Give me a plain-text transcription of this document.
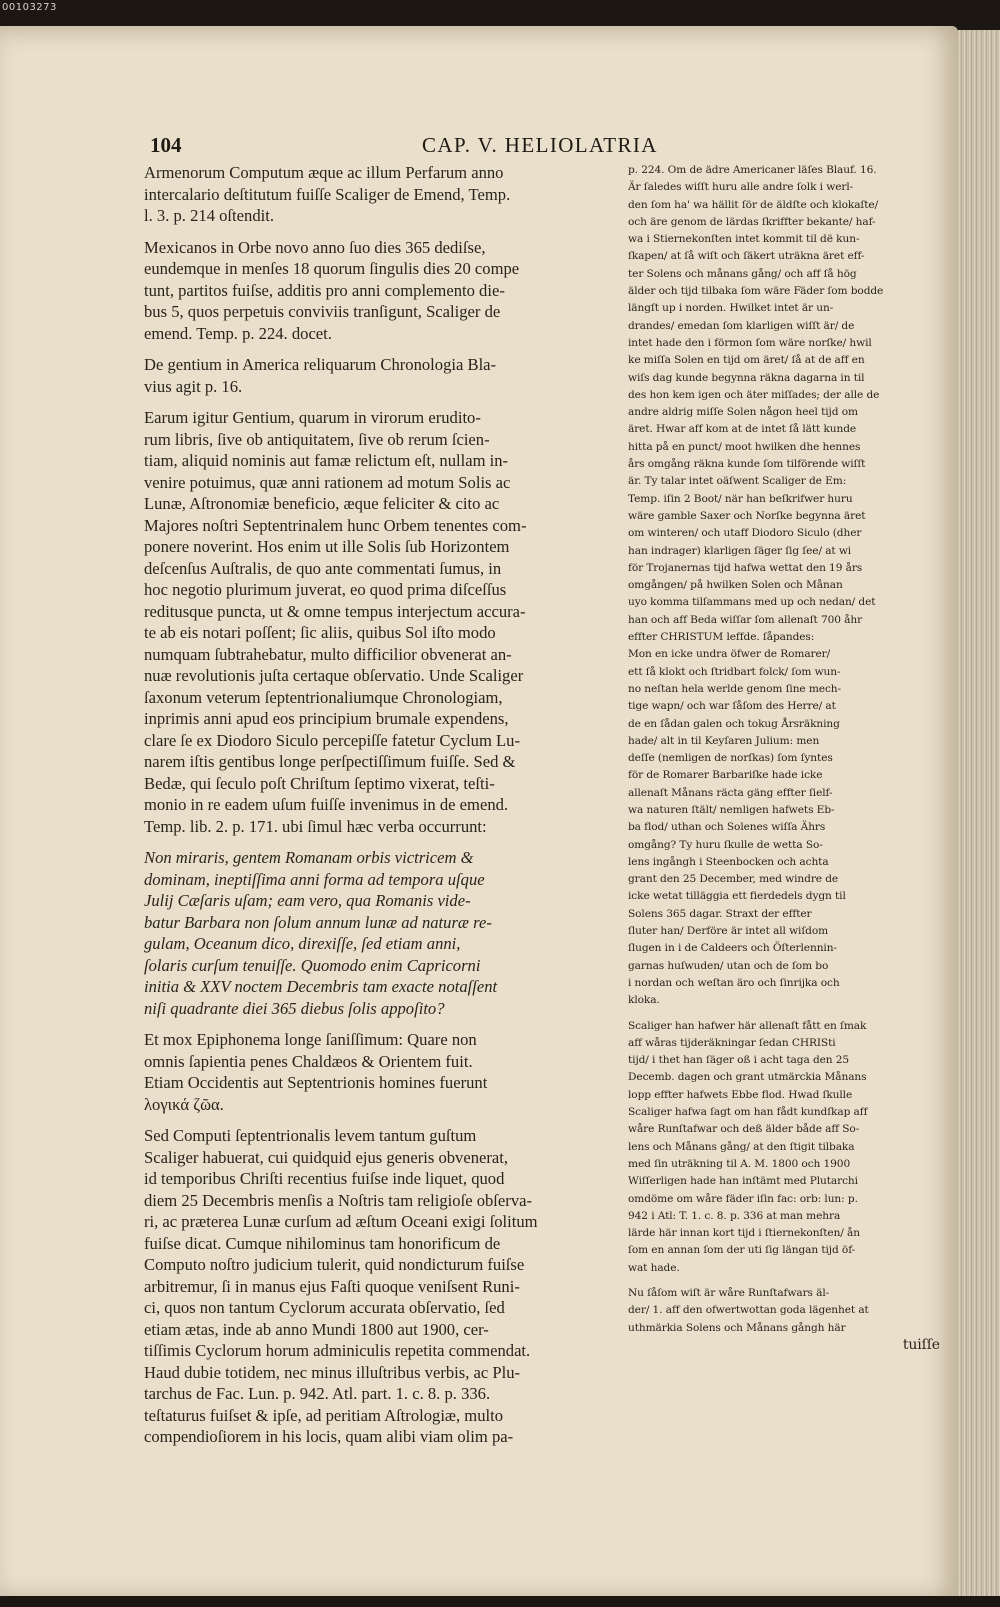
00103273
104	CAP. V. HELIOLATRIA
Armenorum Computum æque ac illum Perfarum anno
intercalario deſtitutum fuiſſe Scaliger de Emend, Temp.
l. 3. p. 214 oſtendit.
Mexicanos in Orbe novo anno ſuo dies 365 dediſse,
eundemque in menſes 18 quorum ſingulis dies 20 compe
tunt, partitos fuiſse, additis pro anni complemento die-
bus 5, quos perpetuis conviviis tranſigunt, Scaliger de
emend. Temp. p. 224. docet.
De gentium in America reliquarum Chronologia Bla-
vius agit p. 16.
Earum igitur Gentium, quarum in virorum erudito-
rum libris, ſive ob antiquitatem, ſive ob rerum ſcien-
tiam, aliquid nominis aut famæ relictum eſt, nullam in-
venire potuimus, quæ anni rationem ad motum Solis ac
Lunæ, Aſtronomiæ beneficio, æque feliciter & cito ac
Majores noſtri Septentrinalem hunc Orbem tenentes com-
ponere noverint. Hos enim ut ille Solis ſub Horizontem
deſcenſus Auſtralis, de quo ante commentati ſumus, in
hoc negotio plurimum juverat, eo quod prima diſceſſus
reditusque puncta, ut & omne tempus interjectum accura-
te ab eis notari poſſent; ſic aliis, quibus Sol iſto modo
numquam ſubtrahebatur, multo difficilior obvenerat an-
nuæ revolutionis juſta certaque obſervatio. Unde Scaliger
ſaxonum veterum ſeptentrionaliumque Chronologiam,
inprimis anni apud eos principium brumale expendens,
clare ſe ex Diodoro Siculo percepiſſe fatetur Cyclum Lu-
narem iſtis gentibus longe perſpectiſſimum fuiſſe. Sed &
Bedæ, qui ſeculo poſt Chriſtum ſeptimo vixerat, teſti-
monio in re eadem uſum fuiſſe invenimus in de emend.
Temp. lib. 2. p. 171. ubi ſimul hæc verba occurrunt:
Non miraris, gentem Romanam orbis victricem &
dominam, ineptiſſima anni forma ad tempora uſque
Julij Cæſaris uſam; eam vero, qua Romanis vide-
batur Barbara non ſolum annum lunæ ad naturæ re-
gulam, Oceanum dico, direxiſſe, ſed etiam anni,
ſolaris curſum tenuiſſe. Quomodo enim Capricorni
initia & XXV noctem Decembris tam exacte notaſſent
niſi quadrante diei 365 diebus ſolis appoſito?
Et mox Epiphonema longe ſaniſſimum: Quare non
omnis ſapientia penes Chaldæos & Orientem fuit.
Etiam Occidentis aut Septentrionis homines fuerunt
λογικά ζῶα.
Sed Computi ſeptentrionalis levem tantum guſtum
Scaliger habuerat, cui quidquid ejus generis obvenerat,
id temporibus Chriſti recentius fuiſse inde liquet, quod
diem 25 Decembris menſis a Noſtris tam religioſe obſerva-
ri, ac præterea Lunæ curſum ad æſtum Oceani exigi ſolitum
fuiſse dicat. Cumque nihilominus tam honorificum de
Computo noſtro judicium tulerit, quid nondicturum fuiſse
arbitremur, ſi in manus ejus Faſti quoque veniſsent Runi-
ci, quos non tantum Cyclorum accurata obſervatio, ſed
etiam ætas, inde ab anno Mundi 1800 aut 1900, cer-
tiſſimis Cyclorum horum adminiculis repetita commendat.
Haud dubie totidem, nec minus illuſtribus verbis, ac Plu-
tarchus de Fac. Lun. p. 942. Atl. part. 1. c. 8. p. 336.
teſtaturus fuiſset & ipſe, ad peritiam Aſtrologiæ, multo
compendioſiorem in his locis, quam alibi viam olim pa-
p. 224. Om de ädre Americaner läſes Blauf. 16.
Är ſaledes wiſſt huru alle andre ſolk i werl-
den ſom ha' wa hällit ſör de äldſte och klokaſte/
och äre genom de lärdas ſkriffter bekante/ haf-
wa i Stiernekonſten intet kommit til dë kun-
ſkapen/ at ſå wiſt och ſäkert uträkna äret eff-
ter Solens och månans gång/ och aff ſå hög
älder och tijd tilbaka ſom wäre Fäder ſom bodde
längſt up i norden. Hwilket intet är un-
drandes/ emedan ſom klarligen wiſſt är/ de
intet hade den i förmon ſom wäre norſke/ hwil
ke miſſa Solen en tijd om äret/ ſå at de aff en
wiſs dag kunde begynna räkna dagarna in til
des hon kem igen och äter miſſades; der alle de
andre aldrig miſſe Solen någon heel tijd om
äret. Hwar aff kom at de intet ſå lätt kunde
hitta på en punct/ moot hwilken dhe hennes
års omgång räkna kunde ſom tilförende wiſſt
är. Ty talar intet oäſwent Scaliger de Em:
Temp. iſin 2 Boot/ när han beſkrifwer huru
wäre gamble Saxer och Norſke begynna äret
om winteren/ och utaff Diodoro Siculo (dher
han indrager) klarligen ſäger ſig ſee/ at wi
för Trojanernas tijd hafwa wettat den 19 års
omgången/ på hwilken Solen och Månan
uyo komma tilſammans med up och nedan/ det
han och aff Beda wiſſar ſom allenaſt 700 åhr
effter CHRISTUM leffde. ſåpandes:
Mon en icke undra öfwer de Romarer/
ett ſå klokt och ſtridbart folck/ ſom wun-
no neſtan hela werlde genom ſine mech-
tige wapn/ och war ſåſom des Herre/ at
de en ſådan galen och tokug Årsräkning
hade/ alt in til Keyſaren Julium: men
deſſe (nemligen de norſkas) ſom ſyntes
för de Romarer Barbariſke hade icke
allenaſt Månans räcta gäng effter ſielf-
wa naturen ſtält/ nemligen hafwets Eb-
ba flod/ uthan och Solenes wiſſa Ährs
omgång? Ty huru ſkulle de wetta So-
lens ingångh i Steenbocken och achta
grant den 25 December, med windre de
icke wetat tilläggia ett fierdedels dygn til
Solens 365 dagar. Straxt der effter
ſluter han/ Derföre är intet all wiſdom
ſlugen in i de Caldeers och Öſterlennin-
garnas huſwuden/ utan och de ſom bo
i nordan och weſtan äro och ſinrijka och
kloka.
Scaliger han hafwer här allenaſt fått en ſmak
aff wåras tijderäkningar ſedan CHRISti
tijd/ i thet han ſäger oß i acht taga den 25
Decemb. dagen och grant utmärckia Månans
lopp effter hafwets Ebbe flod. Hwad ſkulle
Scaliger hafwa ſagt om han fådt kundſkap aff
wåre Runſtafwar och deß älder både aff So-
lens och Månans gång/ at den ſtigit tilbaka
med ſin uträkning til A. M. 1800 och 1900
Wiſſerligen hade han inſtämt med Plutarchi
omdöme om wåre fäder iſin fac: orb: lun: p.
942 i Atl: T. 1. c. 8. p. 336 at man mehra
lärde här innan kort tijd i ſtiernekonſten/ ån
ſom en annan ſom der uti ſig längan tijd öf-
wat hade.
Nu ſåſom wiſt är wåre Runſtafwars äl-
der/ 1. aff den ofwertwottan goda lägenhet at
uthmärkia Solens och Månans gångh här
tuiſſe
